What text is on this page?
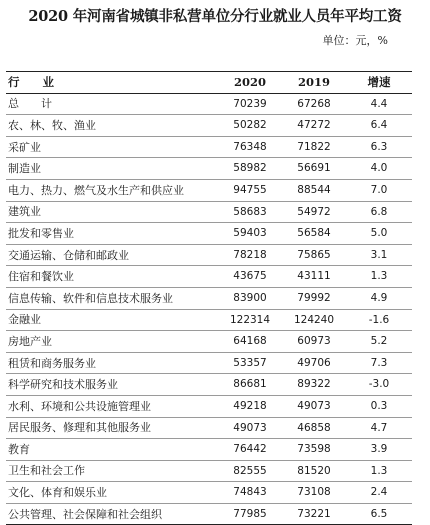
2020 年河南省城镇非私营单位分行业就业人员年平均工资
单位：元，%
行　　业	2020	2019	增速
总　　计	70239	67268	4.4
农、林、牧、渔业	50282	47272	6.4
采矿业	76348	71822	6.3
制造业	58982	56691	4.0
电力、热力、燃气及水生产和供应业	94755	88544	7.0
建筑业	58683	54972	6.8
批发和零售业	59403	56584	5.0
交通运输、仓储和邮政业	78218	75865	3.1
住宿和餐饮业	43675	43111	1.3
信息传输、软件和信息技术服务业	83900	79992	4.9
金融业	122314	124240	-1.6
房地产业	64168	60973	5.2
租赁和商务服务业	53357	49706	7.3
科学研究和技术服务业	86681	89322	-3.0
水利、环境和公共设施管理业	49218	49073	0.3
居民服务、修理和其他服务业	49073	46858	4.7
教育	76442	73598	3.9
卫生和社会工作	82555	81520	1.3
文化、体育和娱乐业	74843	73108	2.4
公共管理、社会保障和社会组织	77985	73221	6.5
